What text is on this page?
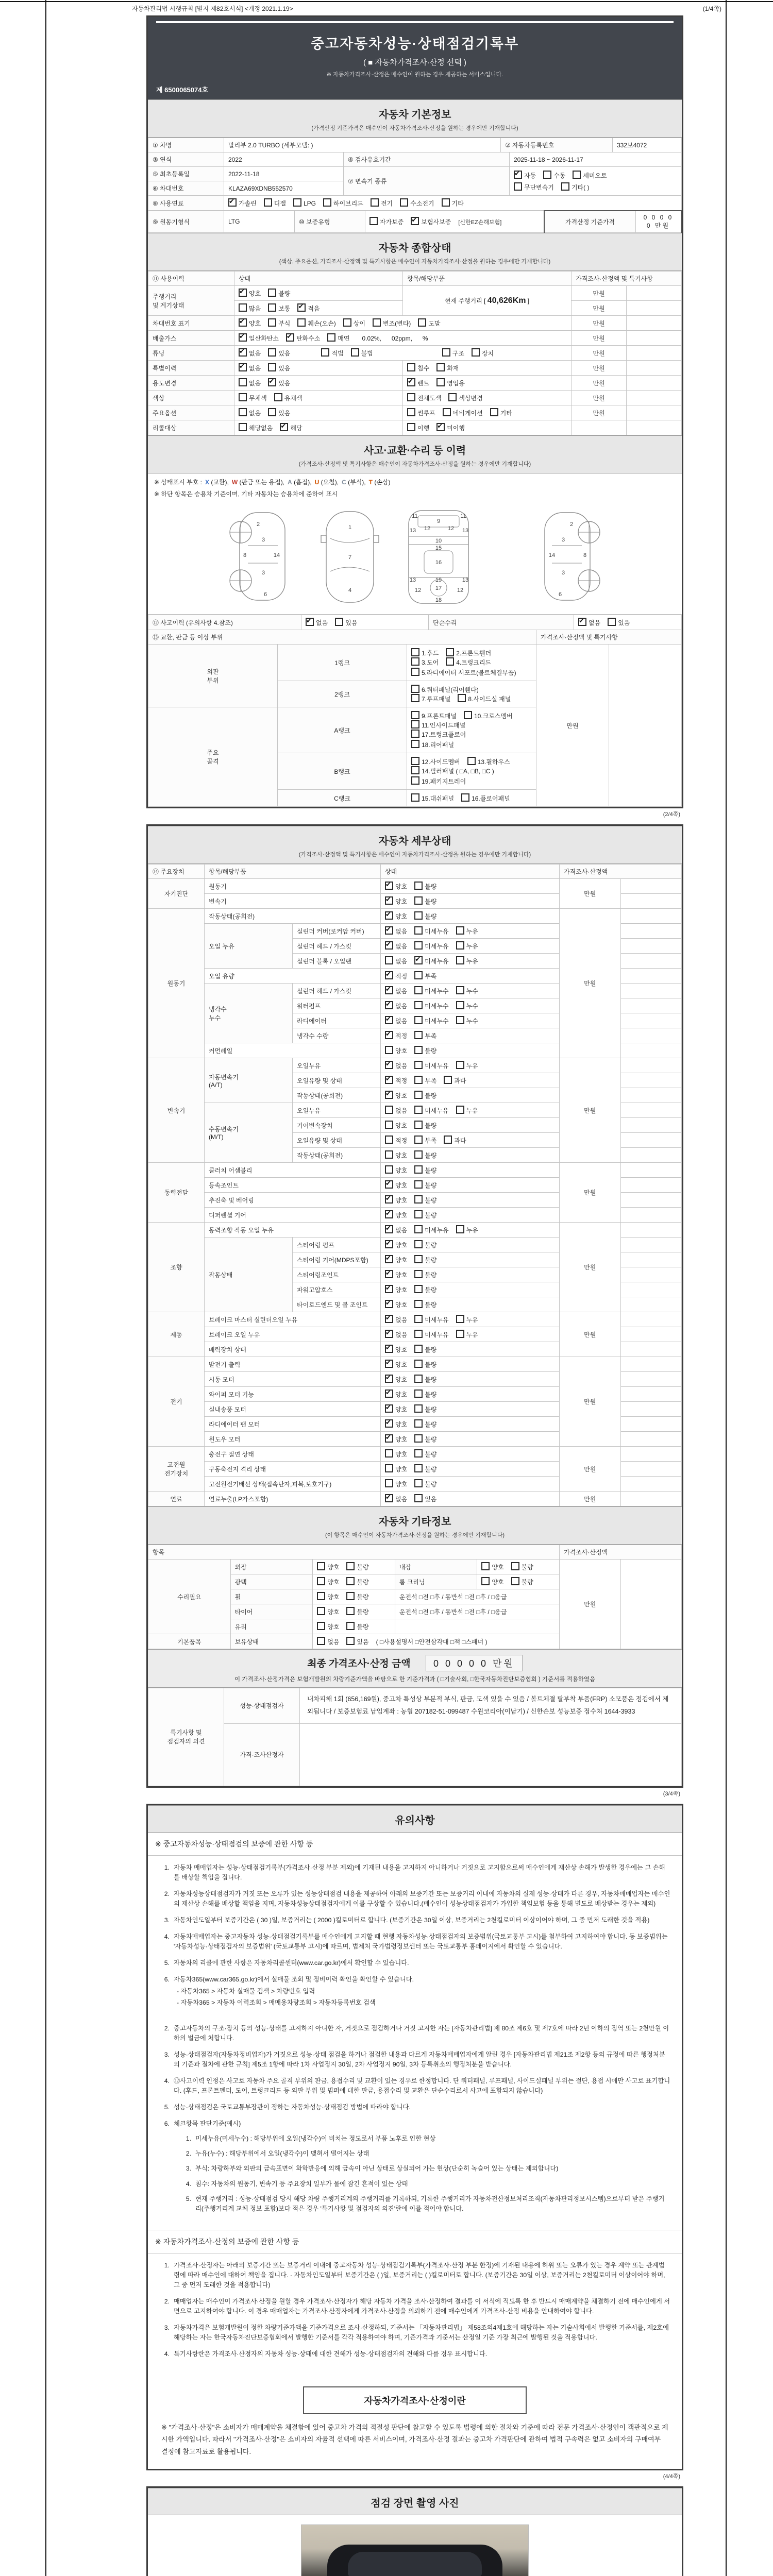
자동차관리법 시행규칙 [별지 제82호서식] <개정 2021.1.19>	(1/4쪽)
중고자동차성능·상태점검기록부
( ■ 자동차가격조사·산정 선택 )
※ 자동차가격조사·산정은 매수인이 원하는 경우 제공하는 서비스입니다.
제 6500065074호
자동차 기본정보
(가격산정 기준가격은 매수인이 자동차가격조사·산정을 원하는 경우에만 기재합니다)
① 차명	말리부 2.0 TURBO (세부모델: )	② 자동차등록번호	332보4072
③ 연식	2022	④ 검사유효기간	2025-11-18 ~ 2026-11-17
⑤ 최초등록일	2022-11-18	⑦ 변속기 종류	
✔자동 수동 세미오토
무단변속기 기타( )

⑥ 차대번호	KLAZA69XDNB552570		
⑧ 사용연료	✔가솔린	디젤	LPG	하이브리드	전기	수소전기	기타
⑨ 원동기형식	LTG	⑩ 보증유형	자가보증 ✔	보험사보증 [신한EZ손해보험]	가격산정 기준가격	0 0 0 0 0 만원
자동차 종합상태
(색상, 주요옵션, 가격조사·산정액 및 특기사항은 매수인이 자동차가격조사·산정을 원하는 경우에만 기재합니다)
⑪ 사용이력	상태	항목/해당부품	가격조사·산정액 및 특기사항	
주행거리
및 계기상태	✔양호 불량	현재 주행거리 [ 40,626Km ]	만원	
	많음 보통 ✔ 적음		만원	
차대번호 표기	✔양호 부식 훼손(오손) 상이 변조(변타) 도말		만원	
배출가스	✔일산화탄소 ✔ 탄화수소 매연   0.02%,      02ppm,      %		만원	
튜닝	✔없음 있음 적법 불법 구조 장치		만원	
특별이력	✔없음 있음	침수 화재	만원	
용도변경	없음 ✔ 있음	✔렌트 영업용	만원	
색상	무채색 유채색	전체도색 색상변경	만원	
주요옵션	없음 있음	썬루프 네비게이션 기타	만원	
리콜대상	해당없음 ✔ 해당	이행 ✔ 미이행		
사고·교환·수리 등 이력
(가격조사·산정액 및 특기사항은 매수인이 자동차가격조사·산정을 원하는 경우에만 기재합니다)
※ 상태표시 부호 : X (교환), W (판금 또는 용접), A (흠집), U (요철), C (부식), T (손상)
※ 하단 항목은 승용차 기준이며, 기타 자동차는 승용차에 준하여 표시
2
8
3
14
3
6
1
7
4
11	11
9
13	13
12	12
10
15
16
19
13	13
12	12
17
18
2
8
3
14
3
6
⑫ 사고이력 (유의사항 4.참조)	✔없음	있음	단순수리	✔없음	있음
⑬ 교환, 판금 등 이상 부위			가격조사·산정액 및 특기사항	
외판
부위	1랭크	
1.후드	2.프론트휀더3.도어	4.트렁크리드
5.라디에이터 서포트(볼트체결부품)
	만원	
	2랭크	6.쿼터패널(리어휀다)7.루프패널 8.사이드실 패널		

주요
골격	A랭크	
9.프론트패널	10.크로스멤버11.인사이드패널17.트렁크플로어
18.리어패널

	B랭크	12.사이드멤버 13.휠하우스14.필러패널 ( □A, □B, □C )
19.패키지트레이		

	C랭크	15.대쉬패널 16.플로어패널		
(2/4쪽)
자동차 세부상태
(가격조사·산정액 및 특기사항은 매수인이 자동차가격조사·산정을 원하는 경우에만 기재합니다)
⑭ 주요장치	항목/해당부품		상태	가격조사·산정액	
자기진단	원동기	✔양호 불량	만원	
	변속기	✔양호 불량	
원동기	작동상태(공회전)	✔양호 불량	만원	
	오일 누유	실린더 커버(로커암 커버)	✔없음 미세누유 누유	
		실린더 헤드 / 가스킷	✔없음 미세누유 누유	
		실린더 블록 / 오일팬	없음 ✔ 미세누유 누유	
	오일 유량	✔적정 부족	
	냉각수
누수	실린더 헤드 / 가스킷	✔없음 미세누수 누수	
		워터펌프	✔없음 미세누수 누수	
		라디에이터	✔없음 미세누수 누수	
		냉각수 수량	✔적정 부족	
	커먼레일		양호 불량		
변속기	자동변속기
(A/T)	오일누유	✔없음 미세누유 누유	만원	
		오일유량 및 상태	✔적정 부족 과다	
		작동상태(공회전)	✔양호 불량	
	수동변속기
(M/T)	오일누유	없음 미세누유 누유		
		기어변속장치	양호 불량		
		오일유량 및 상태	적정 부족 과다		
		작동상태(공회전)	양호 불량		
동력전달	클러치 어셈블리		양호 불량	만원	
	등속조인트	✔양호 불량	
	추진축 및 베어링	✔양호 불량	
	디퍼렌셜 기어	✔양호 불량	
조향	동력조향 작동 오일 누유	✔없음 미세누유 누유	만원	
	작동상태	스티어링 펌프	✔양호 불량	
		스티어링 기어(MDPS포함)	✔양호 불량	
		스티어링조인트	✔양호 불량	
		파워고압호스	✔양호 불량	
		타이로드엔드 및 볼 조인트	✔양호 불량	
제동	브레이크 마스터 실린더오일 누유	✔없음 미세누유 누유	만원	
	브레이크 오일 누유	✔없음 미세누유 누유	
	배력장치 상태	✔양호 불량	
전기	발전기 출력	✔양호 불량	만원	
	시동 모터	✔양호 불량	
	와이퍼 모터 기능	✔양호 불량	
	실내송풍 모터	✔양호 불량	
	라디에이터 팬 모터	✔양호 불량	
	윈도우 모터	✔양호 불량	
고전원
전기장치	충전구 절연 상태		양호 불량	만원	
	구동축전지 격리 상태		양호 불량		
	고전원전기배선 상태(접속단자,피복,보호기구)		양호 불량		
연료	연료누출(LP가스포함)	✔없음 있음	만원	
자동차 기타정보
(이 항목은 매수인이 자동차가격조사·산정을 원하는 경우에만 기재합니다)
항목					가격조사·산정액	
수리필요	외장	양호 불량	내장	양호 불량	만원	
	광택	양호 불량	룸 크리닝	양호 불량		
	휠	양호 불량	운전석 □전 □후 / 동반석 □전 □후 / □응급			
	타이어	양호 불량	운전석 □전 □후 / 동반석 □전 □후 / □응급			
	유리	양호 불량				
기본품목	보유상태	없음 있음 ( □사용설명서 □안전삼각대 □잭 □스패너 )				
최종 가격조사·산정 금액 0 0 0 0 0 만원
이 가격조사·산정가격은 보험개발원의 차량기준가액을 바탕으로 한 기준가격과 ( □기술사회, □한국자동차진단보증협회 ) 기준서를 적용하였음
특기사항 및
점검자의 의견	성능·상태점검자	내차피해 1회 (656,169원), 중고차 특성상 부분적 부식, 판금, 도색 있을 수 있음 / 볼트체결 탈부착 부품(FRP) 소모품은 점검에서 제외됩니다 / 보증보험료 납입계좌 : 농협 207182-51-099487 수원코리아(이남기) / 신한손보 성능보증 접수처 1644-3933
	가격·조사산정자	
(3/4쪽)
유의사항
※ 중고자동차성능·상태점검의 보증에 관한 사항 등
1. 자동차 매매업자는 성능·상태점검기록부(가격조사·산정 부분 제외)에 기재된 내용을 고지하지 아니하거나 거짓으로 고지함으로써 매수인에게 재산상 손해가 발생한 경우에는 그 손해를 배상할 책임을 집니다.
2. 자동차성능상태점검자가 거짓 또는 오류가 있는 성능상태점검 내용을 제공하여 아래의 보증기간 또는 보증거리 이내에 자동차의 실제 성능·상태가 다른 경우, 자동차매매업자는 매수인의 재산상 손해를 배상할 책임을 지며, 자동차성능상태점검자에게 이를 구상할 수 있습니다.(매수인이 성능상태점검자가 가입한 책임보험 등을 통해 별도로 배상받는 경우는 제외)
3. 자동차인도일부터 보증기간은 ( 30 )일, 보증거리는 ( 2000 )킬로미터로 합니다. (보증기간은 30일 이상, 보증거리는 2천킬로미터 이상이어야 하며, 그 중 먼저 도래한 것을 적용)
4. 자동차매매업자는 중고자동차 성능·상태점검기록부를 매수인에게 고지할 때 현행 자동차성능·상태점검자의 보증범위(국토교통부 고시)를 첨부하여 고지하여야 합니다. 동 보증범위는 '자동차성능·상태점검자의 보증범위' (국토교통부 고시)에 따르며, 법제처 국가법령정보센터 또는 국토교통부 홈페이지에서 확인할 수 있습니다.
5. 자동차의 리콜에 관한 사항은 자동차리콜센터(www.car.go.kr)에서 확인할 수 있습니다.
6. 자동차365(www.car365.go.kr)에서 실매물 조회 및 정비이력 확인을 확인할 수 있습니다.
- 자동차365 > 자동차 실매물 검색 > 차량번호 입력
- 자동차365 > 자동차 이력조회 > 매매용차량조회 > 자동차등록번호 검색
2. 중고자동차의 구조·장치 등의 성능·상태를 고지하지 아니한 자, 거짓으로 점검하거나 거짓 고지한 자는 [자동차관리법] 제 80조 제6호 및 제7호에 따라 2년 이하의 징역 또는 2천만원 이하의 벌금에 처합니다.
3. 성능·상태점검자(자동차정비업자)가 거짓으로 성능·상태 점검을 하거나 점검한 내용과 다르게 자동차매매업자에게 알린 경우 [자동차관리법 제21조 제2항 등의 규정에 따른 행정처분의 기준과 절차에 관한 규칙] 제5조 1항에 따라 1차 사업정지 30일, 2차 사업정지 90일, 3차 등록취소의 행정처분을 받습니다.
4. ⑫사고이력 인정은 사고로 자동차 주요 골격 부위의 판금, 용접수리 및 교환이 있는 경우로 한정합니다. 단 쿼터패널, 루프패널, 사이드실패널 부위는 절단, 용접 시에만 사고로 표기합니다. (후드, 프론트펜더, 도어, 트렁크리드 등 외판 부위 및 범퍼에 대한 판금, 용접수리 및 교환은 단순수리로서 사고에 포함되지 않습니다)
5. 성능·상태점검은 국토교통부장관이 정하는 자동차성능·상태점검 방법에 따라야 합니다.
6. 체크항목 판단기준(예시)
1. 미세누유(미세누수) : 해당부위에 오일(냉각수)이 비치는 정도로서 부품 노후로 인한 현상
2. 누유(누수) : 해당부위에서 오일(냉각수)이 맺혀서 떨어지는 상태
3. 부식: 차량하부와 외판의 금속표면이 화학반응에 의해 금속이 아닌 상태로 상실되어 가는 현상(단순히 녹슬어 있는 상태는 제외합니다)
4. 침수: 자동차의 원동기, 변속기 등 주요장치 일부가 물에 잠긴 흔적이 있는 상태
5. 현재 주행거리 : 성능·상태점검 당시 해당 차량 주행거리계의 주행거리를 기록하되, 기록한 주행거리가 자동차전산정보처리조직(자동차관리정보시스템)으로부터 받은 주행거리(주행거리계 교체 정보 포함)보다 적은 경우 '특기사항 및 점검자의 의견'란에 이를 적어야 합니다.
※ 자동차가격조사·산정의 보증에 관한 사항 등
1. 가격조사·산정자는 아래의 보증기간 또는 보증거리 이내에 중고자동차 성능·상태점검기록부(가격조사·산정 부분 한정)에 기재된 내용에 허위 또는 오류가 있는 경우 계약 또는 관계법령에 따라 매수인에 대하여 책임을 집니다. · 자동차인도일부터 보증기간은 ( )일, 보증거리는 ( )킬로미터로 합니다. (보증기간은 30일 이상, 보증거리는 2천킬로미터 이상이어야 하며, 그 중 먼저 도래한 것을 적용합니다)
2. 매매업자는 매수인이 가격조사·산정을 원할 경우 가격조사·산정자가 해당 자동차 가격을 조사·산정하여 결과를 이 서식에 적도록 한 후 반드시 매매계약을 체결하기 전에 매수인에게 서면으로 고지하여야 합니다. 이 경우 매매업자는 가격조사·산정자에게 가격조사·산정을 의뢰하기 전에 매수인에게 가격조사·산정 비용을 안내하여야 합니다.
3. 자동차가격은 보험개발원이 정한 차량기준가액을 기준가격으로 조사·산정하되, 기준서는 「자동차관리법」 제58조의4제1호에 해당하는 자는 기술사회에서 발행한 기준서를, 제2호에 해당하는 자는 한국자동차진단보증협회에서 발행한 기준서를 각각 적용하여야 하며, 기준가격과 기준서는 산정일 기준 가장 최근에 발행된 것을 적용합니다.
4. 특기사항란은 가격조사·산정자의 자동차 성능·상태에 대한 견해가 성능·상태점검자의 견해와 다를 경우 표시합니다.
자동차가격조사·산정이란
※ "가격조사·산정"은 소비자가 매매계약을 체결함에 있어 중고차 가격의 적절성 판단에 참고할 수 있도록 법령에 의한 절차와 기준에 따라 전문 가격조사·산정인이 객관적으로 제시한 가액입니다. 따라서 "가격조사·산정"은 소비자의 자율적 선택에 따른 서비스이며, 가격조사·산정 결과는 중고차 가격판단에 관하여 법적 구속력은 없고 소비자의 구매여부 결정에 참고자료로 활용됩니다.
(4/4쪽)
점검 장면 촬영 사진
